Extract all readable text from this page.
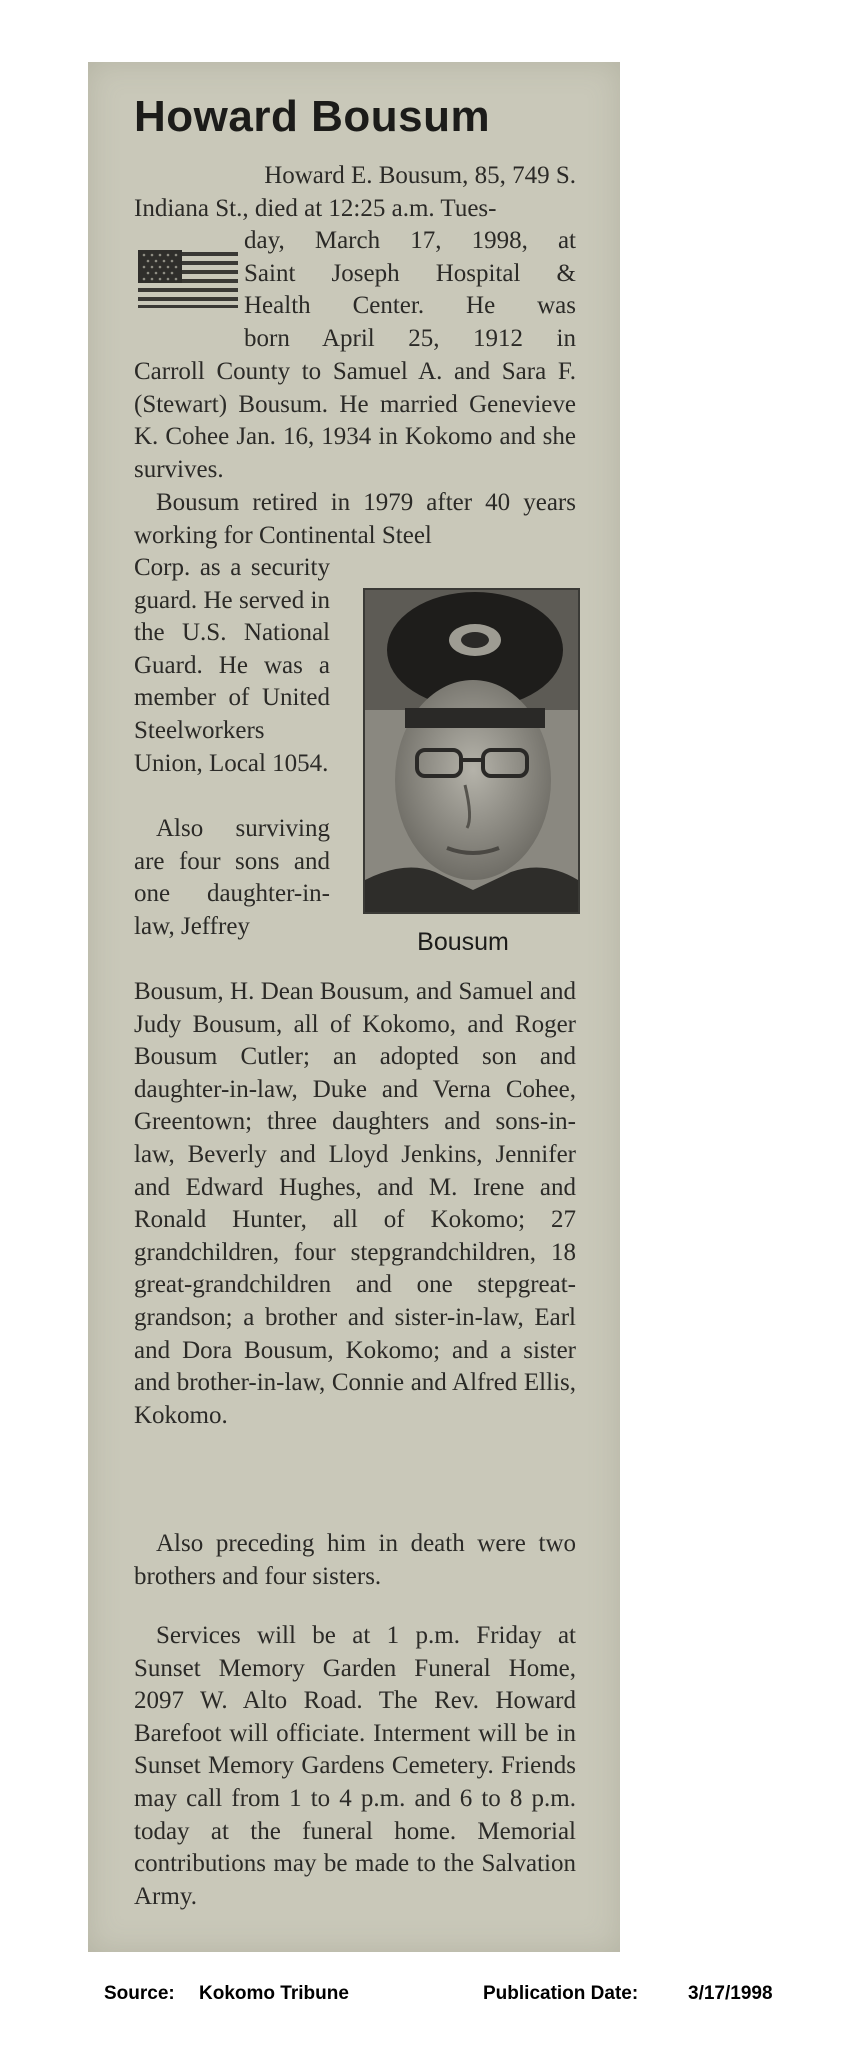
Howard Bousum

Howard E. Bousum, 85, 749 S.

Indiana St., died at 12:25 a.m. Tues-

day, March 17, 1998, at

Saint Joseph Hospital &

Health Center. He was

born April 25, 1912 in

Carroll County to Samuel A. and Sara F. (Stewart) Bousum. He married Genevieve K. Cohee Jan. 16, 1934 in Kokomo and she survives.

Bousum retired in 1979 after 40 years working for Continental Steel

Corp. as a security guard. He served in the U.S. National Guard. He was a member of United Steelworkers Union, Local 1054.

Bousum

Also surviving are four sons and one daughter-in-law, Jeffrey

Bousum, H. Dean Bousum, and Samuel and Judy Bousum, all of Kokomo, and Roger Bousum Cutler; an adopted son and daughter-in-law, Duke and Verna Cohee, Greentown; three daughters and sons-in-law, Beverly and Lloyd Jenkins, Jennifer and Edward Hughes, and M. Irene and Ronald Hunter, all of Kokomo; 27 grandchildren, four stepgrandchildren, 18 great-grandchildren and one stepgreat-grandson; a brother and sister-in-law, Earl and Dora Bousum, Kokomo; and a sister and brother-in-law, Connie and Alfred Ellis, Kokomo.

Also preceding him in death were two brothers and four sisters.

Services will be at 1 p.m. Friday at Sunset Memory Garden Funeral Home, 2097 W. Alto Road. The Rev. Howard Barefoot will officiate. Interment will be in Sunset Memory Gardens Cemetery. Friends may call from 1 to 4 p.m. and 6 to 8 p.m. today at the funeral home. Memorial contributions may be made to the Salvation Army.

Source: Kokomo Tribune	Publication Date:	3/17/1998
